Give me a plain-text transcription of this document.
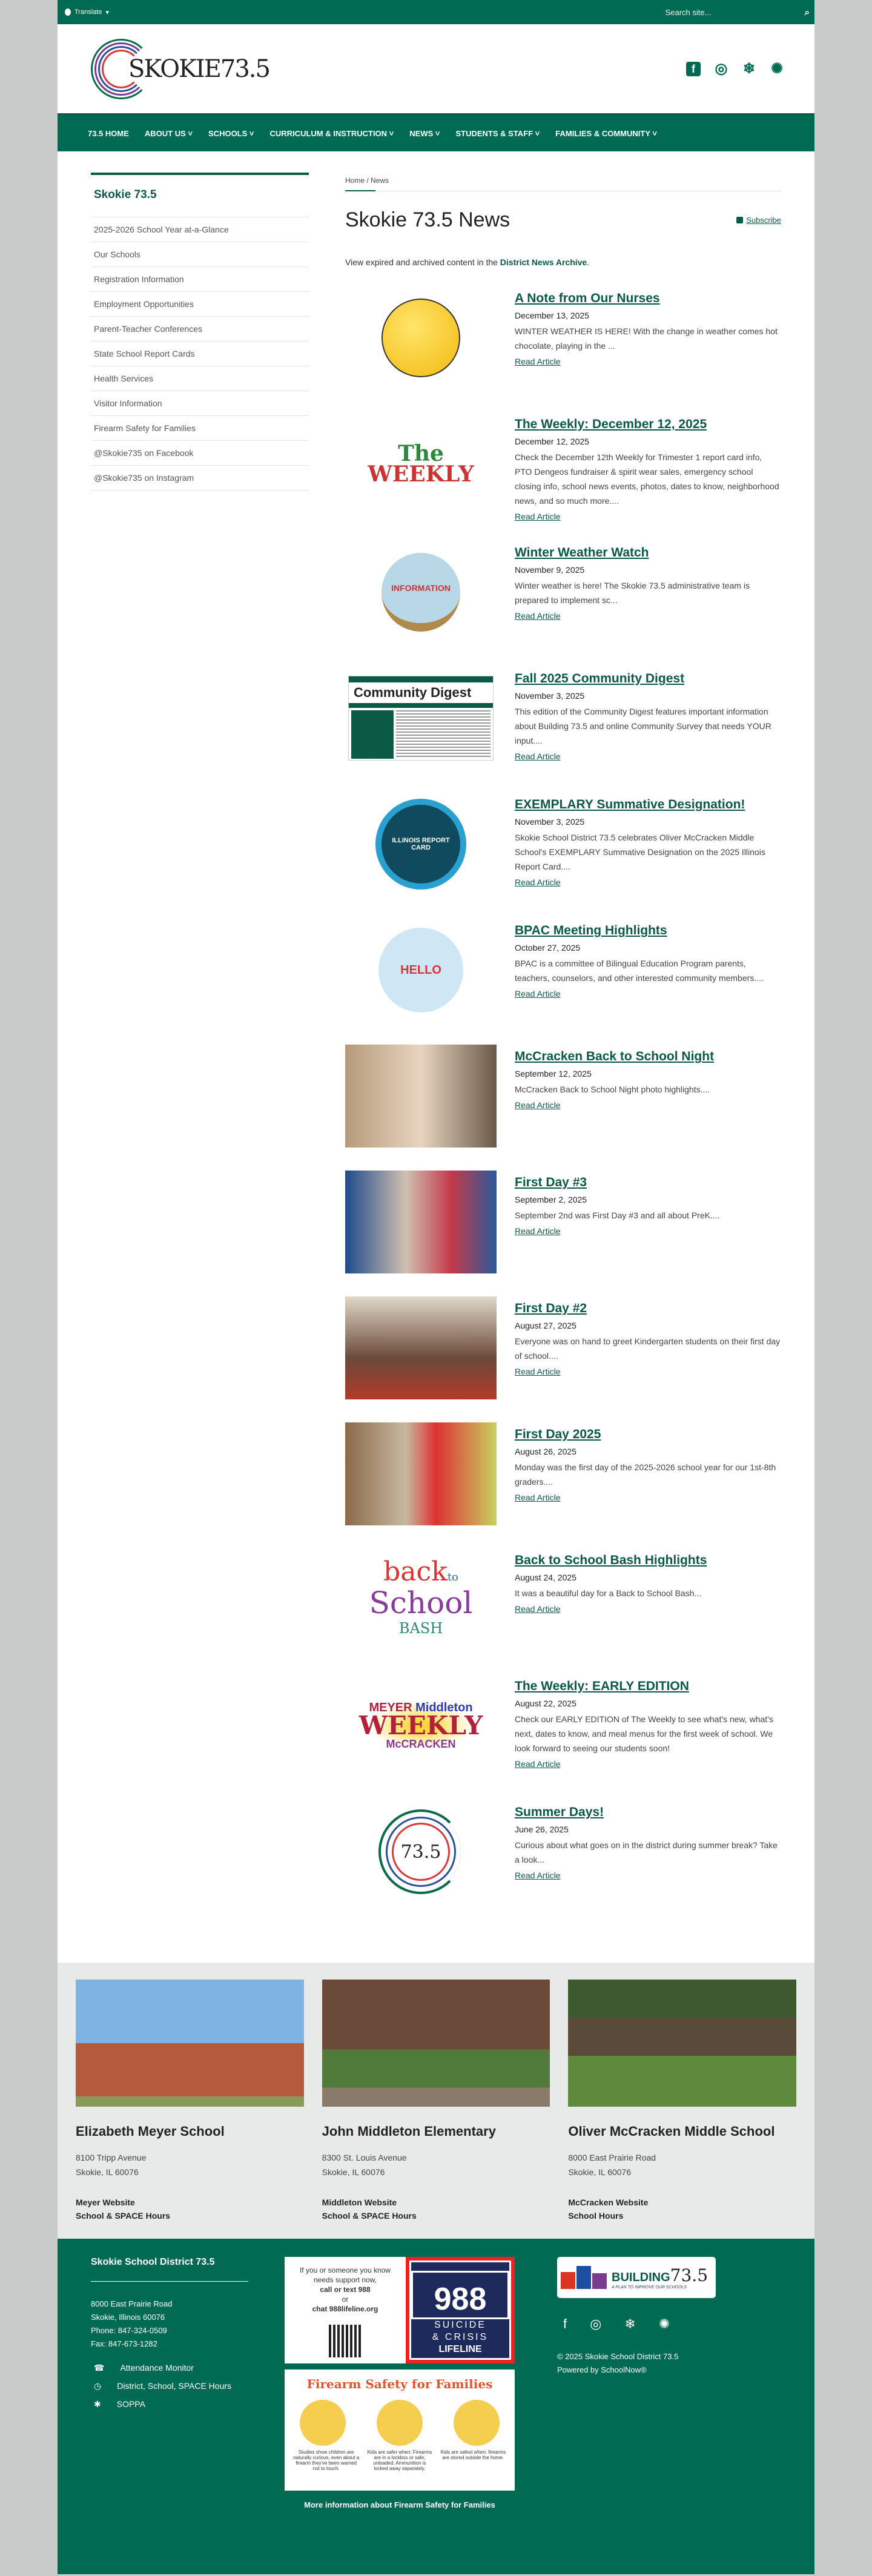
Translate ▾
Search site...	⌕
SKOKIE73.5	f	◎ ❄ ✺
73.5 HOME ABOUT US ˅ SCHOOLS ˅ CURRICULUM & INSTRUCTION ˅ NEWS ˅ STUDENTS & STAFF ˅ FAMILIES & COMMUNITY ˅
Skokie 73.5
2025-2026 School Year at-a-Glance
Our Schools
Registration Information
Employment Opportunities
Parent-Teacher Conferences
State School Report Cards
Health Services
Visitor Information
Firearm Safety for Families
@Skokie735 on Facebook
@Skokie735 on Instagram
Home / News
Skokie 73.5 News	Subscribe

View expired and archived content in the District News Archive.

A Note from Our Nurses
December 13, 2025

WINTER WEATHER IS HERE! With the change in weather comes hot chocolate, playing in the ...

Read Article
The
WEEKLY
The Weekly: December 12, 2025
December 12, 2025

Check the December 12th Weekly for Trimester 1 report card info, PTO Dengeos fundraiser & spirit wear sales, emergency school closing info, school news events, photos, dates to know, neighborhood news, and so much more....

Read Article
INFORMATION
Winter Weather Watch
November 9, 2025

Winter weather is here! The Skokie 73.5 administrative team is prepared to implement sc...

Read Article
Community Digest
Fall 2025 Community Digest
November 3, 2025

This edition of the Community Digest features important information about Building 73.5 and online Community Survey that needs YOUR input....

Read Article
ILLINOIS REPORT CARD
EXEMPLARY Summative Designation!
November 3, 2025

Skokie School District 73.5 celebrates Oliver McCracken Middle School's EXEMPLARY Summative Designation on the 2025 Illinois Report Card....

Read Article
HELLO
BPAC Meeting Highlights
October 27, 2025

BPAC is a committee of Bilingual Education Program parents, teachers, counselors, and other interested community members....

Read Article
McCracken Back to School Night
September 12, 2025

McCracken Back to School Night photo highlights....

Read Article
First Day #3
September 2, 2025

September 2nd was First Day #3 and all about PreK....

Read Article
First Day #2
August 27, 2025

Everyone was on hand to greet Kindergarten students on their first day of school....

Read Article
First Day 2025
August 26, 2025

Monday was the first day of the 2025-2026 school year for our 1st-8th graders....

Read Article
backto
School
BASH
Back to School Bash Highlights
August 24, 2025

It was a beautiful day for a Back to School Bash...

Read Article
MEYER Middleton
WEEKLY
McCRACKEN
The Weekly: EARLY EDITION
August 22, 2025

Check our EARLY EDITION of The Weekly to see what's new, what's next, dates to know, and meal menus for the first week of school. We look forward to seeing our students soon!

Read Article
73.5
Summer Days!
June 26, 2025

Curious about what goes on in the district during summer break? Take a look...

Read Article
Elizabeth Meyer School

8100 Tripp Avenue

Skokie, IL 60076

Meyer Website
School & SPACE Hours
John Middleton Elementary

8300 St. Louis Avenue

Skokie, IL 60076

Middleton Website
School & SPACE Hours
Oliver McCracken Middle School

8000 East Prairie Road

Skokie, IL 60076

McCracken Website
School Hours
Skokie School District 73.5

8000 East Prairie Road

Skokie, Illinois 60076

Phone: 847-324-0509

Fax: 847-673-1282

☎ Attendance Monitor
◷ District, School, SPACE Hours
✱ SOPPA
If you or someone you know needs support now,
call or text 988
or
chat 988lifeline.org	988
SUICIDE
& CRISIS
LIFELINE
Firearm Safety for Families
Studies show children are naturally curious, even about a firearm they've been warned not to touch.
Kids are safer when: Firearms are in a lockbox or safe, unloaded. Ammunition is locked away separately.
Kids are safest when: firearms are stored outside the home.
More information about Firearm Safety for Families
BUILDING73.5
A PLAN TO IMPROVE OUR SCHOOLS
f ◎ ❄ ✺
© 2025 Skokie School District 73.5
Powered by SchoolNow®
